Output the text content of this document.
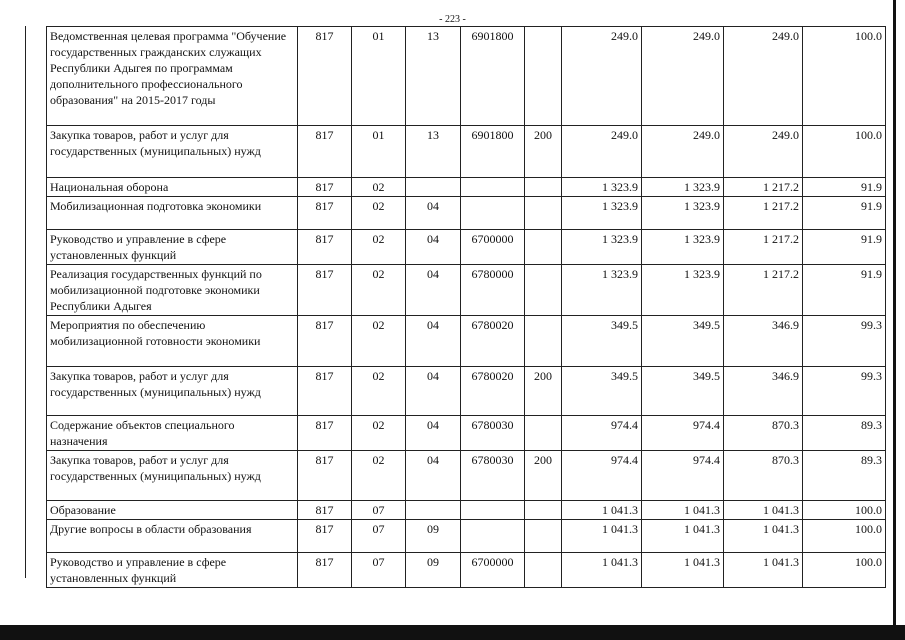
- 223 -
Ведомственная целевая программа "Обучение государственных гражданских служащих Республики Адыгея по программам дополнительного профессионального образования" на 2015-2017 годы	817	01	13	6901800		249.0	249.0	249.0	100.0
Закупка товаров, работ и услуг для государственных (муниципальных) нужд	817	01	13	6901800	200	249.0	249.0	249.0	100.0
Национальная оборона	817	02				1 323.9	1 323.9	1 217.2	91.9
Мобилизационная подготовка экономики	817	02	04			1 323.9	1 323.9	1 217.2	91.9
Руководство и управление в сфере установленных функций	817	02	04	6700000		1 323.9	1 323.9	1 217.2	91.9
Реализация государственных функций по мобилизационной подготовке экономики Республики Адыгея	817	02	04	6780000		1 323.9	1 323.9	1 217.2	91.9
Мероприятия по обеспечению мобилизационной готовности экономики	817	02	04	6780020		349.5	349.5	346.9	99.3
Закупка товаров, работ и услуг для государственных (муниципальных) нужд	817	02	04	6780020	200	349.5	349.5	346.9	99.3
Содержание объектов специального назначения	817	02	04	6780030		974.4	974.4	870.3	89.3
Закупка товаров, работ и услуг для государственных (муниципальных) нужд	817	02	04	6780030	200	974.4	974.4	870.3	89.3
Образование	817	07				1 041.3	1 041.3	1 041.3	100.0
Другие вопросы в области образования	817	07	09			1 041.3	1 041.3	1 041.3	100.0
Руководство и управление в сфере установленных функций	817	07	09	6700000		1 041.3	1 041.3	1 041.3	100.0
